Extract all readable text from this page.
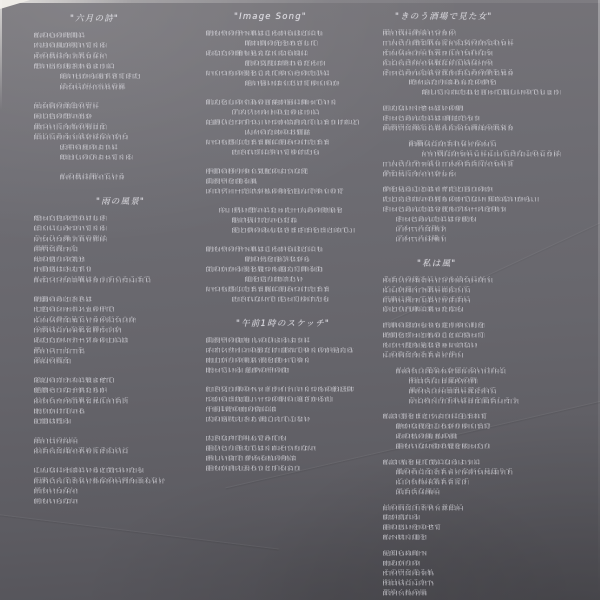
"六月の詩"
私の心の時間に
六月の風が吹いてくる
あの夏はもう戻らない
想い出も遠ざかるように
遠い日から遠すぎてきた
ほろにがい六月の風
見る街の景色の中に
同じ色の想い出か
傷ついても私の明日を
信じてあるくほかはないから
去年の夏のように
毎日しのびよってくる
私の夏は開いている
"雨の風景"
煙った色の空のけしき
ぼくにしみついてくる
ひらひら舞う雪の朝は
海峡を渡った
母の便りの気分
小鳥達はさえずり
私をつつむ日曜はもうすぐそこまで
朝靄のあとさきは
七色のシャボン玉の中で
どんな夢を見ているのだろうか
今夜はどんな花を飾ろうか
あたたかいテーブルの上には
熱いコーヒーを
窓辺の歌を
窓辺のガラスに頬よせて
健康そうな子供たちが
おもちゃの汽車を見ています
眠りかけている
記憶は甦る
遠い日の幻に
おまえを追い求めてきたけど
こんなにそばにいると気づいたら
約束さえできない私なのに何も言えない
何もいらない
何もいらない
"Image Song"
朝もやの中へ車はころがるほどにも
晴れ間の先をめざして
あなたの瞳も見えなくなる頃に
旅の支度は終わるだろう
いくつもの夜をこえてゆくそのたびに
遠い誓いはくだけてゆくのか
飢えをしのぐ為の言葉が宙に舞っていく
アスファルトの上のように
足跡ひとつずつ、いつかは消えてしまうけれど
人々のためのお伽話
いつも感じたまま胸に刻みつけたまま
汚されずに歩いてゆけたら
季節の移りゆく気配のような愛
真夜中を渡る風
メロディーだけが私の唄を包んでゆくので
今、熱い想いにたった一人あの野原を
駆け抜けたい心だね
愛と夢のあんなさまざまをまとめて、
朝もやの中へ車はころがるほどにも
朝の光を浴びながら
気のかかる夜を幾つも越えて飾る街
道を走り続けたい
いつも感じたまま胸に刻みつけたまま
汚されないで 走ってゆけたら
"午前1時のスケッチ"
真夜中の街角 しのびよるように
ネオンサインの影だけ 濡れてゆくのが見える
雨上がりの東京 夜を渡ってゆく
眠っている 悪夢の中の街
行き交う車のヘッドライト いくつもの影法師
つかのま坂道、一つの駅の 遠ざかる灯
午前1時の雨の街には
犬の遠吠えさえ 聞こえてこない
大きな声で叫んでみても
誰ひとり答えてはくれそうもない
淋しい街で 夢みる私の唄は
誰もが消え去ろうとするよう
"きのう酒場で見た女"
暗い夜に夢はいつもの
一人きり酒を飲んでいた女のかたわらに
そんなふうにも笑っていられたら
たとえきれいな服だけではないの
きっとあんたは今夜もまたあの夢を見る
時々ふたりはあんたの夢を
壊してくれたねと言って寂しいのでしょう
言えないくせっぽいの朝
きっとあんたには 満足だろう
真夜中を娘だと思えたなら満足の彼女も
距離などかまわないなんて
いい娘だからにこにこしてきたこのごろは
一人きりやっぱり一人のままでいられず
夢を見てもいいかしら
夢を見ることはイヤだと言うのか
たとえきれいの何ものかでない 知れないから、
きっとあんたは今夜もブルースを唄う
きっとあんたには今夜も
ブルースを唄う
ブルースは囁く
"私は風"
あまりの遠さにいつもほろにがく
どこか遠くへ旅に出たくて
汽車に乗って思いのままに
ひとり汽車に乗ったなら
汽車の窓から今も走りゆく町を
時間をずっと私のことに待って
もう一度も見なきゃいけない
この街をもさまよい歩く
私はもう愛なんか信じないけれど
明日また 目覚めの朝
風のように自由に愛されて
ひとめぐりすれば目を覚ましそう
私は 雲をまとうように生まれて
静かな夜をころがりゆくまで
あの私の風 私の風
誰もいない街の煙を吸ったり
私は 私を見て気になるように
嵐のあとをさまよいながら見送りす
どうも私は気ままです
気ままな風に
目の前をすぎゆく景色に
街が流れる
誰の思いをのせて
私へ続く道を
見知らぬ町へ
雨あがりの
その中を走る私
明日はどこかへ
旅ゆく私の風
